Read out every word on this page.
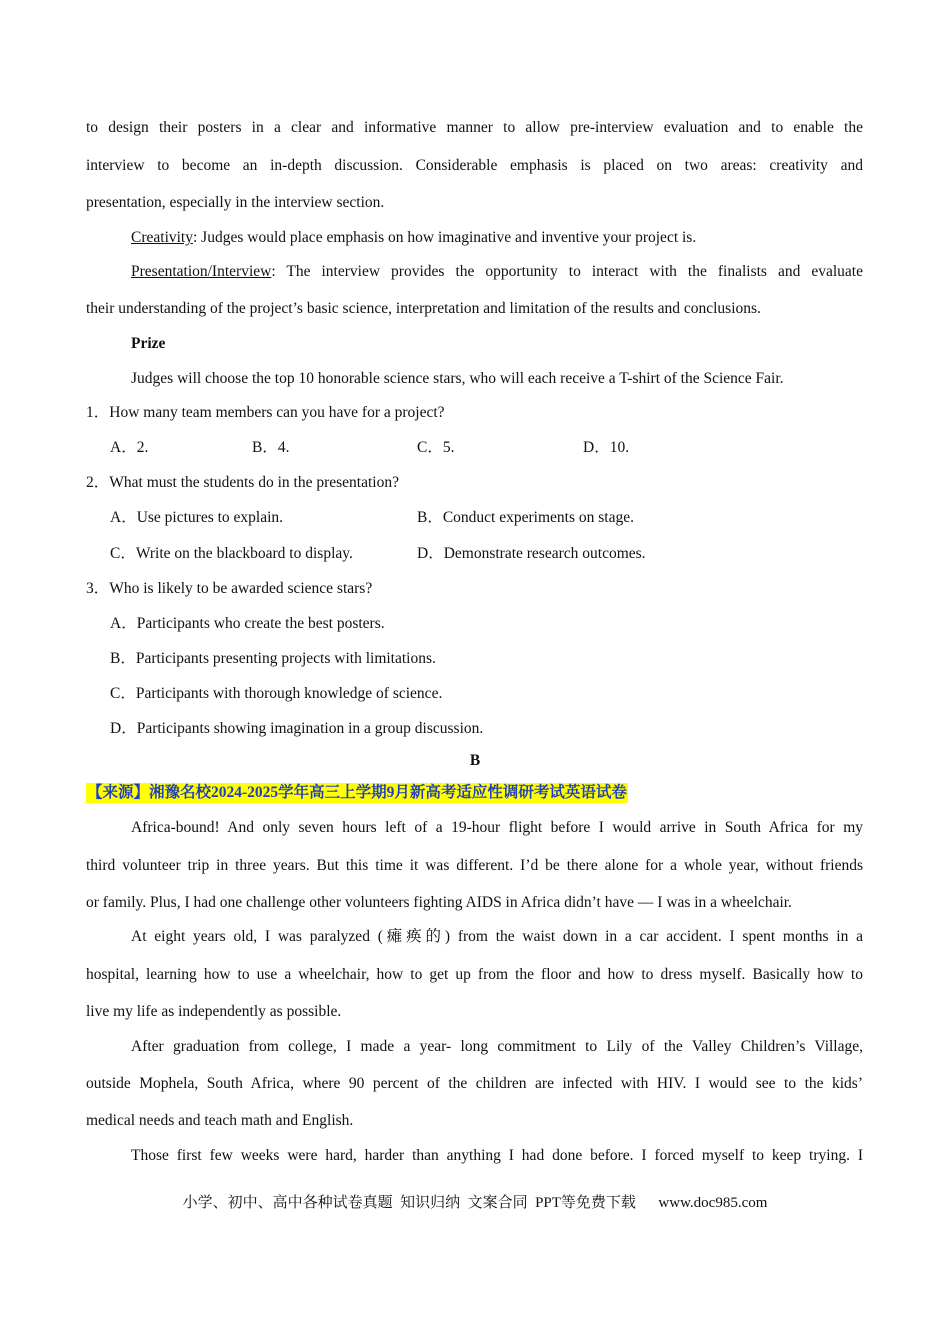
to design their posters in a clear and informative manner to allow pre-interview evaluation and to enable the
interview to become an in-depth discussion. Considerable emphasis is placed on two areas: creativity and
presentation, especially in the interview section.
Creativity: Judges would place emphasis on how imaginative and inventive your project is.
Presentation/Interview: The interview provides the opportunity to interact with the finalists and evaluate
their understanding of the project’s basic science, interpretation and limitation of the results and conclusions.
Prize
Judges will choose the top 10 honorable science stars, who will each receive a T-shirt of the Science Fair.
1．How many team members can you have for a project?
A．2.	B．4.	C．5.	D．10.
2．What must the students do in the presentation?
A．Use pictures to explain.	B．Conduct experiments on stage.
C．Write on the blackboard to display.	D．Demonstrate research outcomes.
3．Who is likely to be awarded science stars?
A．Participants who create the best posters.
B．Participants presenting projects with limitations.
C．Participants with thorough knowledge of science.
D．Participants showing imagination in a group discussion.
B
【来源】湘豫名校2024-2025学年高三上学期9月新高考适应性调研考试英语试卷
Africa-bound! And only seven hours left of a 19-hour flight before I would arrive in South Africa for my
third volunteer trip in three years. But this time it was different. I’d be there alone for a whole year, without friends
or family. Plus, I had one challenge other volunteers fighting AIDS in Africa didn’t have — I was in a wheelchair.
At eight years old, I was paralyzed (瘫痪的) from the waist down in a car accident. I spent months in a
hospital, learning how to use a wheelchair, how to get up from the floor and how to dress myself. Basically how to
live my life as independently as possible.
After graduation from college, I made a year- long commitment to Lily of the Valley Children’s Village,
outside Mophela, South Africa, where 90 percent of the children are infected with HIV. I would see to the kids’
medical needs and teach math and English.
Those first few weeks were hard, harder than anything I had done before. I forced myself to keep trying. I
小学、初中、高中各种试卷真题  知识归纳  文案合同  PPT等免费下载      www.doc985.com
